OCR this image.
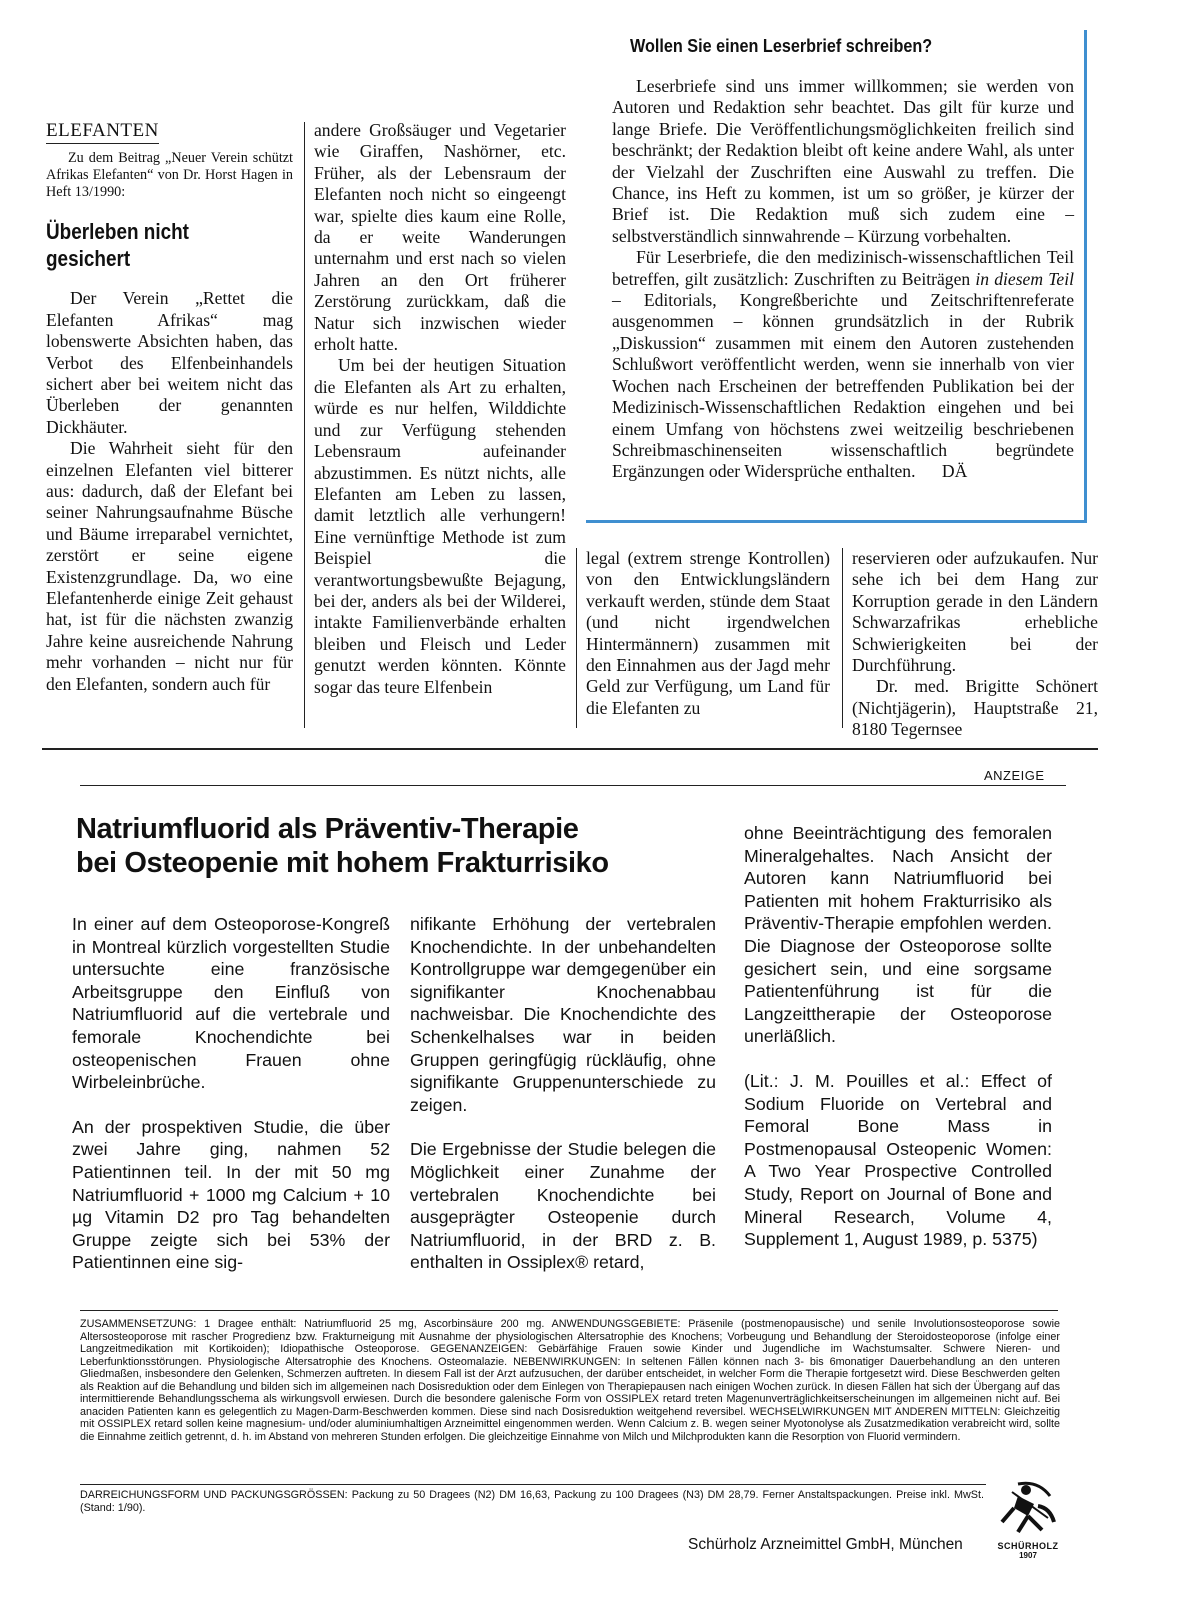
ELEFANTEN
Zu dem Beitrag „Neuer Verein schützt Afrikas Elefanten“ von Dr. Horst Hagen in Heft 13/1990:
Überleben nicht gesichert

Der Verein „Rettet die Elefanten Afrikas“ mag lobenswerte Absichten haben, das Verbot des Elfenbeinhandels sichert aber bei weitem nicht das Überleben der genannten Dickhäuter.

Die Wahrheit sieht für den einzelnen Elefanten viel bitterer aus: dadurch, daß der Elefant bei seiner Nahrungsaufnahme Büsche und Bäume irreparabel vernichtet, zerstört er seine eigene Existenzgrundlage. Da, wo eine Elefantenherde einige Zeit gehaust hat, ist für die nächsten zwanzig Jahre keine ausreichende Nahrung mehr vorhanden – nicht nur für den Elefanten, sondern auch für

andere Großsäuger und Vegetarier wie Giraffen, Nashörner, etc. Früher, als der Lebensraum der Elefanten noch nicht so eingeengt war, spielte dies kaum eine Rolle, da er weite Wanderungen unternahm und erst nach so vielen Jahren an den Ort früherer Zerstörung zurückkam, daß die Natur sich inzwischen wieder erholt hatte.

Um bei der heutigen Situation die Elefanten als Art zu erhalten, würde es nur helfen, Wilddichte und zur Verfügung stehenden Lebensraum aufeinander abzustimmen. Es nützt nichts, alle Elefanten am Leben zu lassen, damit letztlich alle verhungern! Eine vernünftige Methode ist zum Beispiel die verantwortungsbewußte Bejagung, bei der, anders als bei der Wilderei, intakte Familienverbände erhalten bleiben und Fleisch und Leder genutzt werden könnten. Könnte sogar das teure Elfenbein

Wollen Sie einen Leserbrief schreiben?

Leserbriefe sind uns immer willkommen; sie werden von Autoren und Redaktion sehr beachtet. Das gilt für kurze und lange Briefe. Die Veröffentlichungsmöglichkeiten freilich sind beschränkt; der Redaktion bleibt oft keine andere Wahl, als unter der Vielzahl der Zuschriften eine Auswahl zu treffen. Die Chance, ins Heft zu kommen, ist um so größer, je kürzer der Brief ist. Die Redaktion muß sich zudem eine – selbstverständlich sinnwahrende – Kürzung vorbehalten.

Für Leserbriefe, die den medizinisch-wissenschaftlichen Teil betreffen, gilt zusätzlich: Zuschriften zu Beiträgen in diesem Teil – Editorials, Kongreßberichte und Zeitschriftenreferate ausgenommen – können grundsätzlich in der Rubrik „Diskussion“ zusammen mit einem den Autoren zustehenden Schlußwort veröffentlicht werden, wenn sie innerhalb von vier Wochen nach Erscheinen der betreffenden Publikation bei der Medizinisch-Wissenschaftlichen Redaktion eingehen und bei einem Umfang von höchstens zwei weitzeilig beschriebenen Schreibmaschinenseiten wissenschaftlich begründete Ergänzungen oder Widersprüche enthalten. DÄ

legal (extrem strenge Kontrollen) von den Entwicklungsländern verkauft werden, stünde dem Staat (und nicht irgendwelchen Hintermännern) zusammen mit den Einnahmen aus der Jagd mehr Geld zur Verfügung, um Land für die Elefanten zu

reservieren oder aufzukaufen. Nur sehe ich bei dem Hang zur Korruption gerade in den Ländern Schwarzafrikas erhebliche Schwierigkeiten bei der Durchführung.

Dr. med. Brigitte Schönert (Nichtjägerin), Hauptstraße 21, 8180 Tegernsee

ANZEIGE
Natriumfluorid als Präventiv-Therapie
bei Osteopenie mit hohem Frakturrisiko

In einer auf dem Osteoporose-Kongreß in Montreal kürzlich vorgestellten Studie untersuchte eine französische Arbeitsgruppe den Einfluß von Natriumfluorid auf die vertebrale und femorale Knochendichte bei osteopenischen Frauen ohne Wirbeleinbrüche.

An der prospektiven Studie, die über zwei Jahre ging, nahmen 52 Patientinnen teil. In der mit 50 mg Natriumfluorid + 1000 mg Calcium + 10 µg Vitamin D2 pro Tag behandelten Gruppe zeigte sich bei 53% der Patientinnen eine sig-

nifikante Erhöhung der vertebralen Knochendichte. In der unbehandelten Kontrollgruppe war demgegenüber ein signifikanter Knochenabbau nachweisbar. Die Knochendichte des Schenkelhalses war in beiden Gruppen geringfügig rückläufig, ohne signifikante Gruppenunterschiede zu zeigen.

Die Ergebnisse der Studie belegen die Möglichkeit einer Zunahme der vertebralen Knochendichte bei ausgeprägter Osteopenie durch Natriumfluorid, in der BRD z. B. enthalten in Ossiplex® retard,

ohne Beeinträchtigung des femoralen Mineralgehaltes. Nach Ansicht der Autoren kann Natriumfluorid bei Patienten mit hohem Frakturrisiko als Präventiv-Therapie empfohlen werden. Die Diagnose der Osteoporose sollte gesichert sein, und eine sorgsame Patientenführung ist für die Langzeittherapie der Osteoporose unerläßlich.

(Lit.: J. M. Pouilles et al.: Effect of Sodium Fluoride on Vertebral and Femoral Bone Mass in Postmenopausal Osteopenic Women: A Two Year Prospective Controlled Study, Report on Journal of Bone and Mineral Research, Volume 4, Supplement 1, August 1989, p. 5375)

ZUSAMMENSETZUNG: 1 Dragee enthält: Natriumfluorid 25 mg, Ascorbinsäure 200 mg. ANWENDUNGSGEBIETE: Präsenile (postmenopausische) und senile Involutionsosteoporose sowie Altersosteoporose mit rascher Progredienz bzw. Frakturneigung mit Ausnahme der physiologischen Altersatrophie des Knochens; Vorbeugung und Behandlung der Steroidosteoporose (infolge einer Langzeitmedikation mit Kortikoiden); Idiopathische Osteoporose. GEGENANZEIGEN: Gebärfähige Frauen sowie Kinder und Jugendliche im Wachstumsalter. Schwere Nieren- und Leberfunktionsstörungen. Physiologische Altersatrophie des Knochens. Osteomalazie. NEBENWIRKUNGEN: In seltenen Fällen können nach 3- bis 6monatiger Dauerbehandlung an den unteren Gliedmaßen, insbesondere den Gelenken, Schmerzen auftreten. In diesem Fall ist der Arzt aufzusuchen, der darüber entscheidet, in welcher Form die Therapie fortgesetzt wird. Diese Beschwerden gelten als Reaktion auf die Behandlung und bilden sich im allgemeinen nach Dosisreduktion oder dem Einlegen von Therapiepausen nach einigen Wochen zurück. In diesen Fällen hat sich der Übergang auf das intermittierende Behandlungsschema als wirkungsvoll erwiesen. Durch die besondere galenische Form von OSSIPLEX retard treten Magenunverträglichkeitserscheinungen im allgemeinen nicht auf. Bei anaciden Patienten kann es gelegentlich zu Magen-Darm-Beschwerden kommen. Diese sind nach Dosisreduktion weitgehend reversibel. WECHSELWIRKUNGEN MIT ANDEREN MITTELN: Gleichzeitig mit OSSIPLEX retard sollen keine magnesium- und/oder aluminiumhaltigen Arzneimittel eingenommen werden. Wenn Calcium z. B. wegen seiner Myotonolyse als Zusatzmedikation verabreicht wird, sollte die Einnahme zeitlich getrennt, d. h. im Abstand von mehreren Stunden erfolgen. Die gleichzeitige Einnahme von Milch und Milchprodukten kann die Resorption von Fluorid vermindern.
DARREICHUNGSFORM UND PACKUNGSGRÖSSEN: Packung zu 50 Dragees (N2) DM 16,63, Packung zu 100 Dragees (N3) DM 28,79. Ferner Anstaltspackungen. Preise inkl. MwSt. (Stand: 1/90).
Schürholz Arzneimittel GmbH, München	SCHÜRHOLZ
1907
